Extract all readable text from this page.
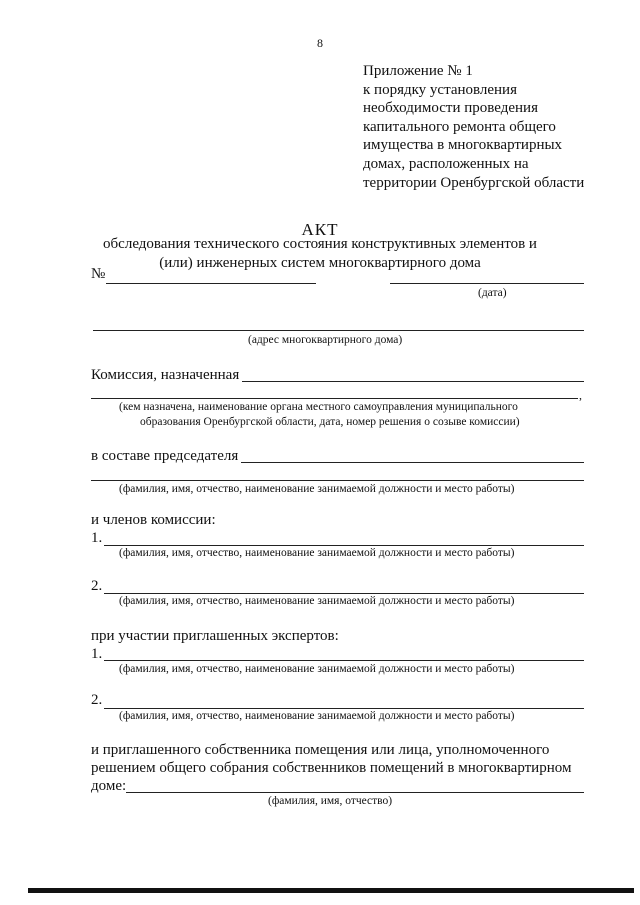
8
Приложение № 1
к порядку установления
необходимости проведения
капитального ремонта общего
имущества в многоквартирных
домах, расположенных на
территории Оренбургской области
АКТ
обследования технического состояния конструктивных элементов и
(или) инженерных систем многоквартирного дома
№
(дата)
(адрес многоквартирного дома)
Комиссия, назначенная
,
(кем назначена, наименование органа местного самоуправления муниципального
образования Оренбургской области, дата, номер решения о созыве комиссии)
в составе председателя
(фамилия, имя, отчество, наименование занимаемой должности и место работы)
и членов комиссии:
1.
(фамилия, имя, отчество, наименование занимаемой должности и место работы)
2.
(фамилия, имя, отчество, наименование занимаемой должности и место работы)
при участии приглашенных экспертов:
1.
(фамилия, имя, отчество, наименование занимаемой должности и место работы)
2.
(фамилия, имя, отчество, наименование занимаемой должности и место работы)
и приглашенного собственника помещения или лица, уполномоченного
решением общего собрания собственников помещений в многоквартирном
доме:
(фамилия, имя, отчество)
